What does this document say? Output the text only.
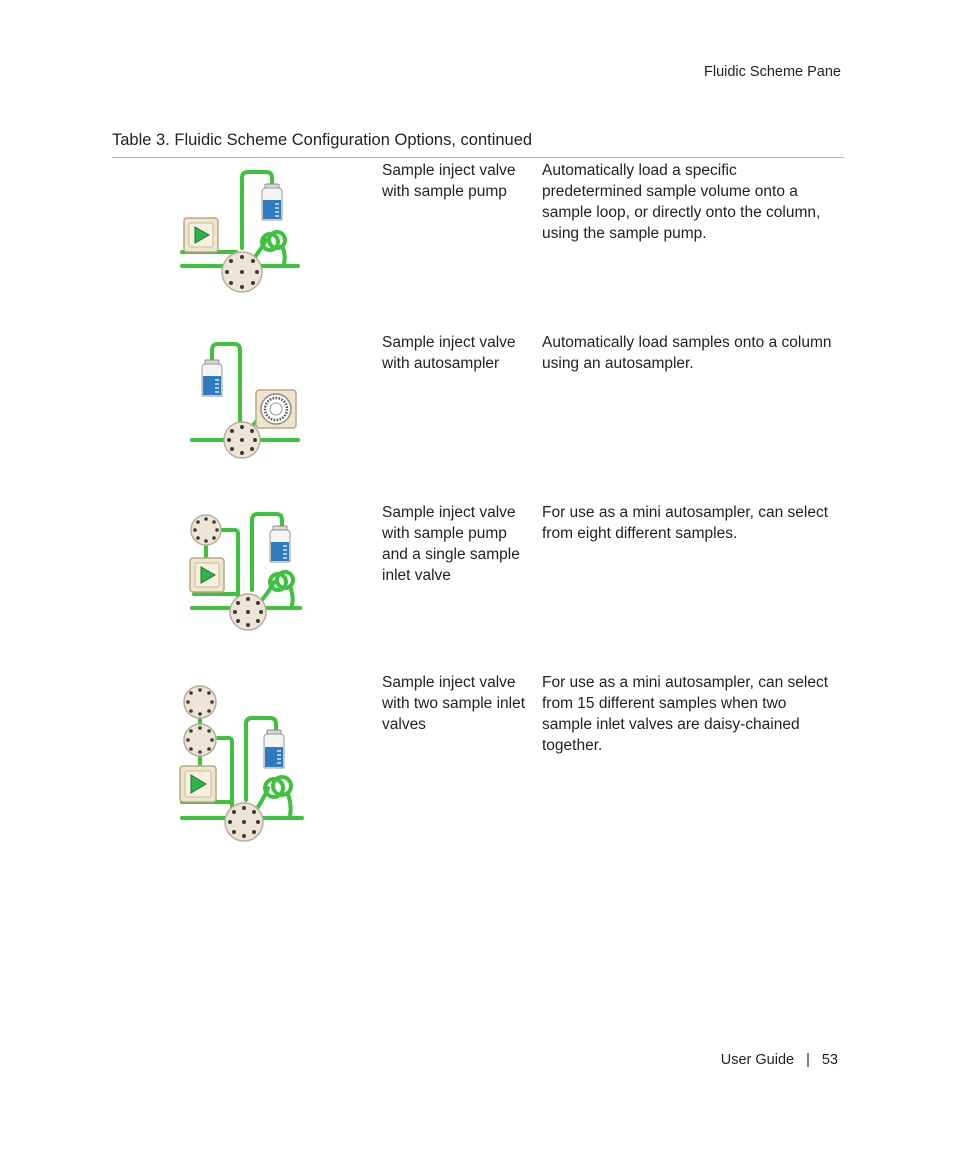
Fluidic Scheme Pane
Table 3. Fluidic Scheme Configuration Options, continued
Sample inject valve with sample pump
Automatically load a specific predetermined sample volume onto a sample loop, or directly onto the column, using the sample pump.
Sample inject valve with autosampler
Automatically load samples onto a column using an autosampler.
Sample inject valve with sample pump and a single sample inlet valve
For use as a mini autosampler, can select from eight different samples.
Sample inject valve with two sample inlet valves
For use as a mini autosampler, can select from 15 different samples when two sample inlet valves are daisy-chained together.
User Guide | 53
